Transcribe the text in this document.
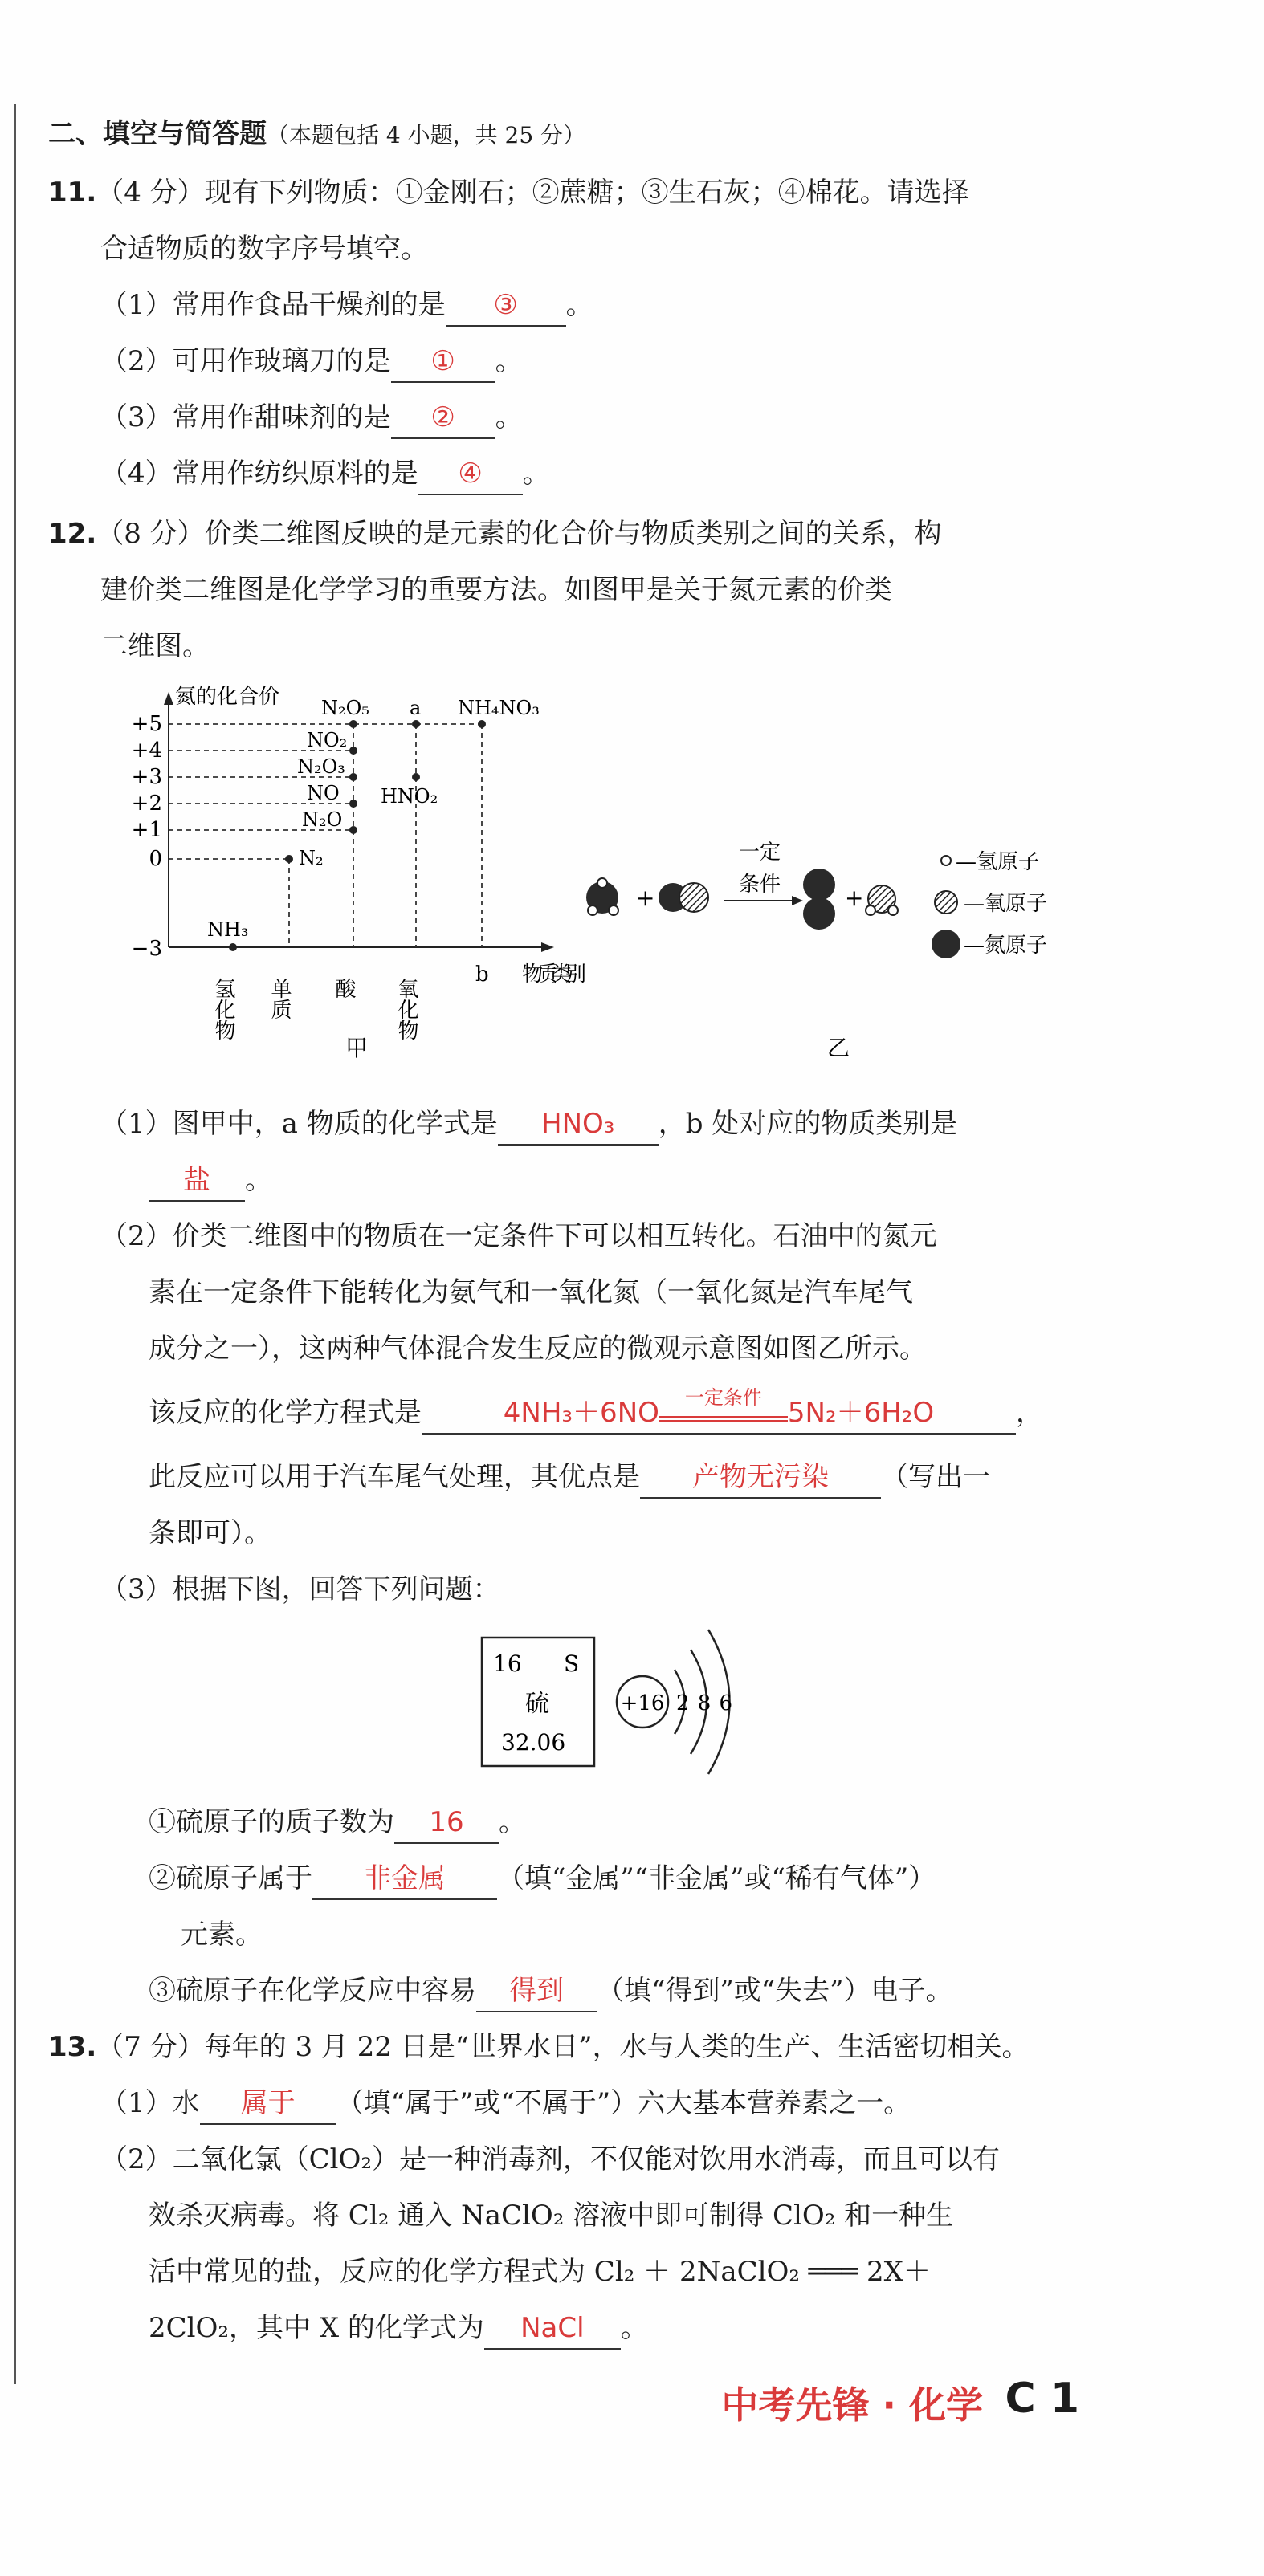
二、填空与简答题（本题包括 4 小题，共 25 分）
11.（4 分）现有下列物质：①金刚石；②蔗糖；③生石灰；④棉花。请选择
合适物质的数字序号填空。
（1）常用作食品干燥剂的是 ③ 。
（2）可用作玻璃刀的是 ① 。
（3）常用作甜味剂的是 ② 。
（4）常用作纺织原料的是 ④ 。
12.（8 分）价类二维图反映的是元素的化合价与物质类别之间的关系，构
建价类二维图是化学学习的重要方法。如图甲是关于氮元素的价类
二维图。
氮的化合价
+5
+4
+3
+2
+1
0
−3
N₂O₅ a NH₄NO₃
NO₂
N₂O₃
NO
N₂O
N₂
NH₃
HNO₂
氢化物 单质 酸 氧化物
b 物质类别
甲
+
一定
条件	+
—氢原子
—氧原子
—氮原子
乙
（1）图甲中，a 物质的化学式是 HNO₃ ，b 处对应的物质类别是
盐 。
（2）价类二维图中的物质在一定条件下可以相互转化。石油中的氮元
素在一定条件下能转化为氨气和一氧化氮（一氧化氮是汽车尾气
成分之一），这两种气体混合发生反应的微观示意图如图乙所示。
该反应的化学方程式是	4NH₃＋6NO	一定条件 5N₂＋6H₂O	，
此反应可以用于汽车尾气处理，其优点是 产物无污染 （写出一
条即可）。
（3）根据下图，回答下列问题：
16 S
硫
32.06
+16 2 8 6
①硫原子的质子数为 16 。
②硫原子属于 非金属 （填“金属”“非金属”或“稀有气体”）
元素。
③硫原子在化学反应中容易 得到 （填“得到”或“失去”）电子。
13.（7 分）每年的 3 月 22 日是“世界水日”，水与人类的生产、生活密切相关。
（1）水 属于 （填“属于”或“不属于”）六大基本营养素之一。
（2）二氧化氯（ClO₂）是一种消毒剂，不仅能对饮用水消毒，而且可以有
效杀灭病毒。将 Cl₂ 通入 NaClO₂ 溶液中即可制得 ClO₂ 和一种生
活中常见的盐，反应的化学方程式为 Cl₂ ＋ 2NaClO₂ ═══ 2X＋
2ClO₂，其中 X 的化学式为 NaCl 。
中考先锋 · 化学 C 1
